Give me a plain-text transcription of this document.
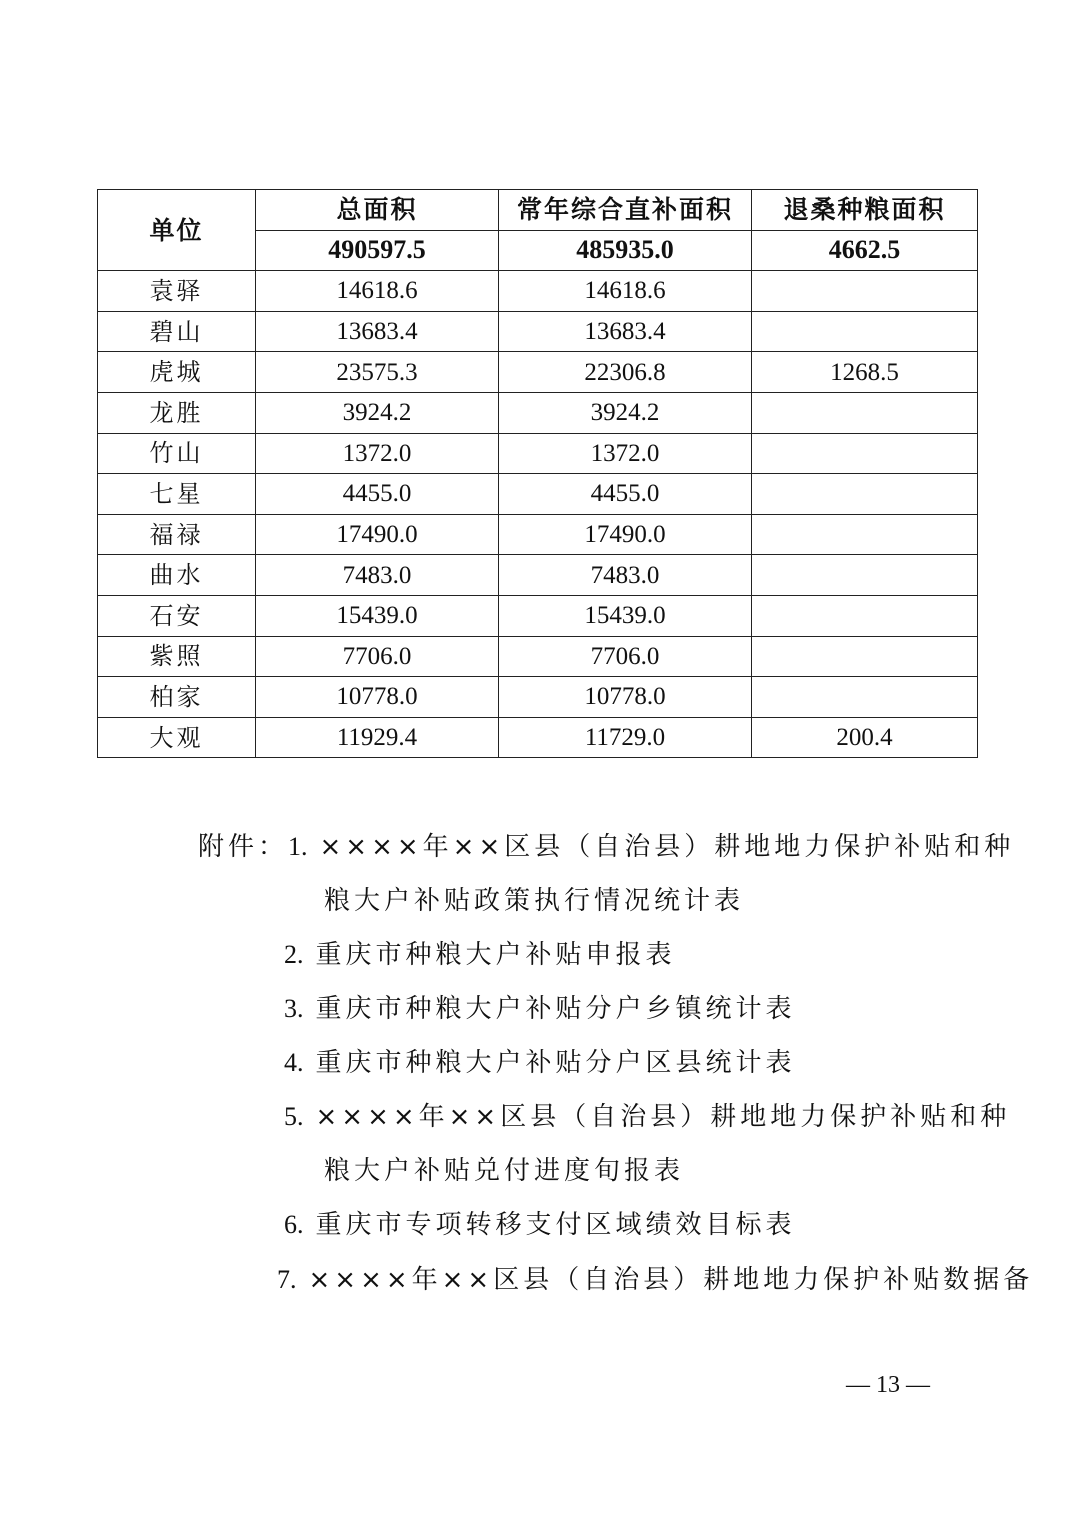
单位	总面积	常年综合直补面积	退桑种粮面积
	490597.5	485935.0	4662.5
袁驿	14618.6	14618.6	
碧山	13683.4	13683.4	
虎城	23575.3	22306.8	1268.5
龙胜	3924.2	3924.2	
竹山	1372.0	1372.0	
七星	4455.0	4455.0	
福禄	17490.0	17490.0	
曲水	7483.0	7483.0	
石安	15439.0	15439.0	
紫照	7706.0	7706.0	
柏家	10778.0	10778.0	
大观	11929.4	11729.0	200.4
附件：1. ××××年××区县（自治县）耕地地力保护补贴和种
粮大户补贴政策执行情况统计表
2. 重庆市种粮大户补贴申报表
3. 重庆市种粮大户补贴分户乡镇统计表
4. 重庆市种粮大户补贴分户区县统计表
5. ××××年××区县（自治县）耕地地力保护补贴和种
粮大户补贴兑付进度旬报表
6. 重庆市专项转移支付区域绩效目标表
7. ××××年××区县（自治县）耕地地力保护补贴数据备
— 13 —
